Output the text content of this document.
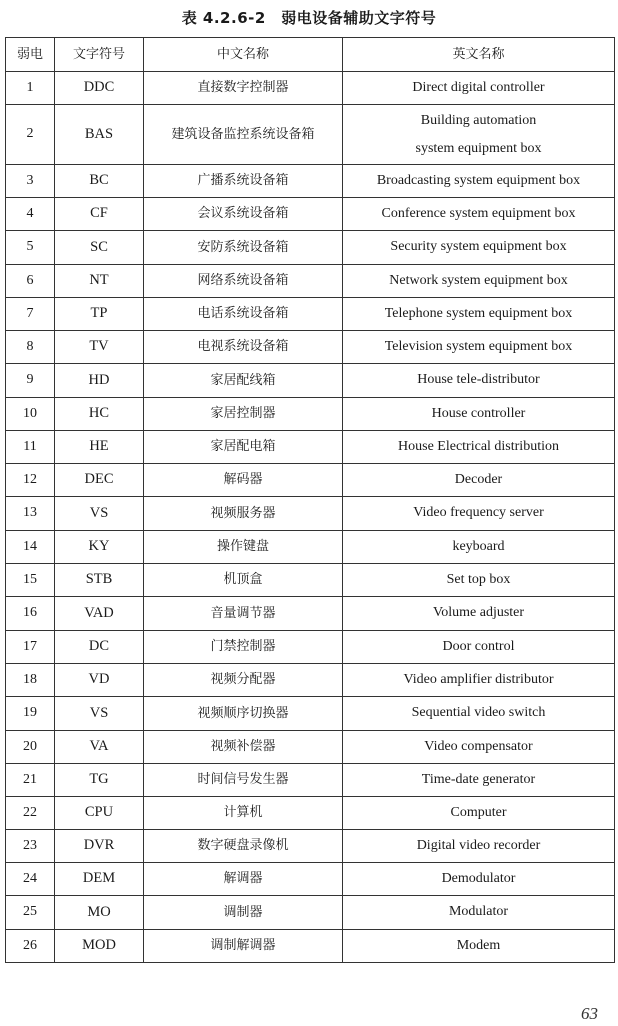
表 4.2.6-2　弱电设备辅助文字符号
弱电	文字符号	中文名称	英文名称
1	DDC	直接数字控制器	Direct digital controller
2	BAS	建筑设备监控系统设备箱	Building automation
system equipment box

3	BC	广播系统设备箱	Broadcasting system equipment box
4	CF	会议系统设备箱	Conference system equipment box
5	SC	安防系统设备箱	Security system equipment box
6	NT	网络系统设备箱	Network system equipment box
7	TP	电话系统设备箱	Telephone system equipment box
8	TV	电视系统设备箱	Television system equipment box
9	HD	家居配线箱	House tele-distributor
10	HC	家居控制器	House controller
11	HE	家居配电箱	House Electrical distribution
12	DEC	解码器	Decoder
13	VS	视频服务器	Video frequency server
14	KY	操作键盘	keyboard
15	STB	机顶盒	Set top box
16	VAD	音量调节器	Volume adjuster
17	DC	门禁控制器	Door control
18	VD	视频分配器	Video amplifier distributor
19	VS	视频顺序切换器	Sequential video switch
20	VA	视频补偿器	Video compensator
21	TG	时间信号发生器	Time-date generator
22	CPU	计算机	Computer
23	DVR	数字硬盘录像机	Digital video recorder
24	DEM	解调器	Demodulator
25	MO	调制器	Modulator
26	MOD	调制解调器	Modem
63
